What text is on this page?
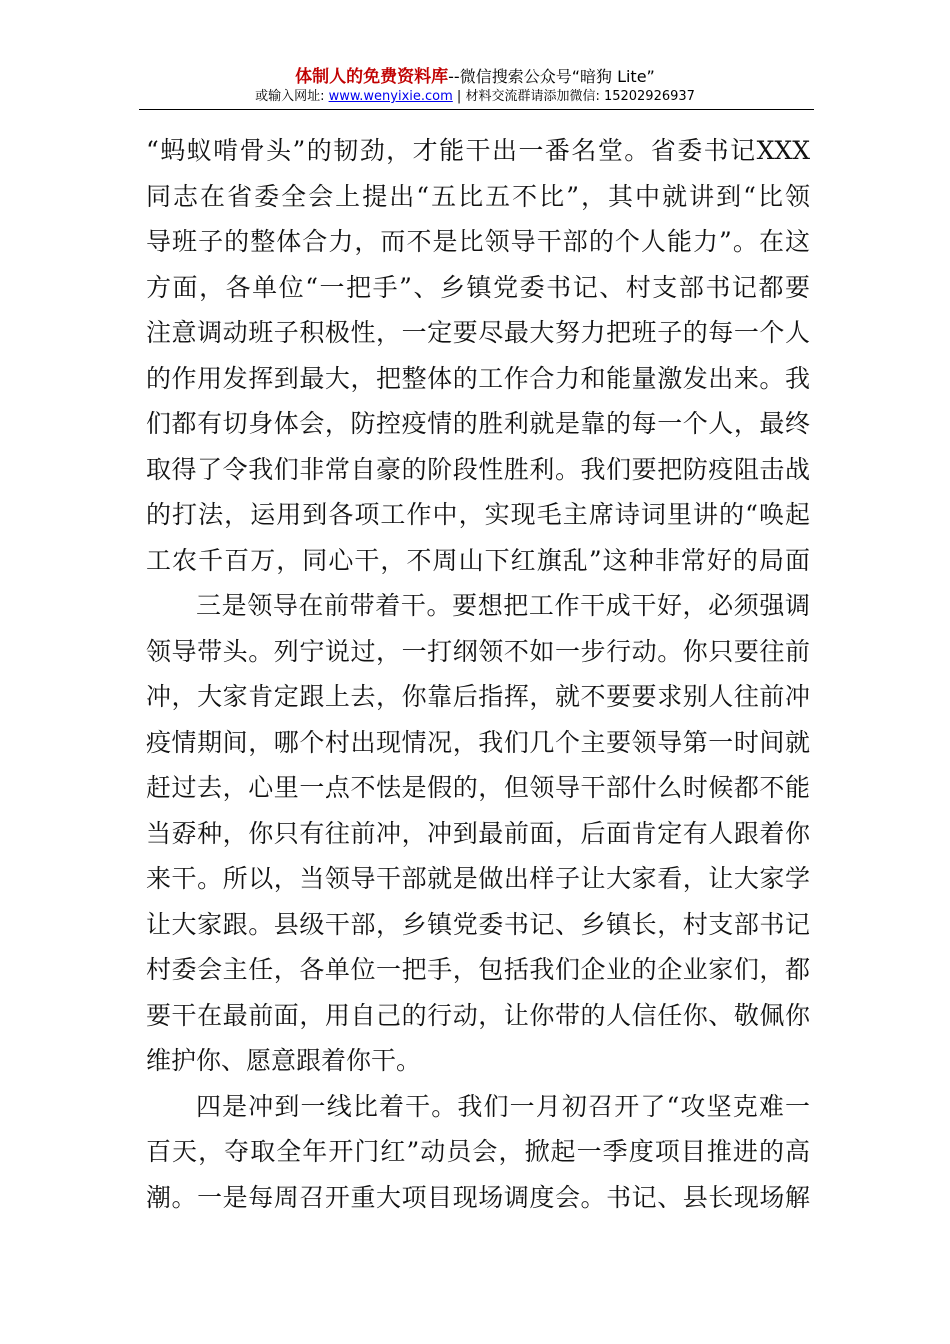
体制人的免费资料库--微信搜索公众号“暗狗 Lite”
或输入网址: www.wenyixie.com | 材料交流群请添加微信: 15202926937
“蚂蚁啃骨头”的韧劲，才能干出一番名堂。省委书记XXX
同志在省委全会上提出“五比五不比”，其中就讲到“比领
导班子的整体合力，而不是比领导干部的个人能力”。在这
方面，各单位“一把手”、乡镇党委书记、村支部书记都要
注意调动班子积极性，一定要尽最大努力把班子的每一个人
的作用发挥到最大，把整体的工作合力和能量激发出来。我
们都有切身体会，防控疫情的胜利就是靠的每一个人，最终
取得了令我们非常自豪的阶段性胜利。我们要把防疫阻击战
的打法，运用到各项工作中，实现毛主席诗词里讲的“唤起
工农千百万，同心干，不周山下红旗乱”这种非常好的局面
三是领导在前带着干。要想把工作干成干好，必须强调
领导带头。列宁说过，一打纲领不如一步行动。你只要往前
冲，大家肯定跟上去，你靠后指挥，就不要要求别人往前冲
疫情期间，哪个村出现情况，我们几个主要领导第一时间就
赶过去，心里一点不怯是假的，但领导干部什么时候都不能
当孬种，你只有往前冲，冲到最前面，后面肯定有人跟着你
来干。所以，当领导干部就是做出样子让大家看，让大家学
让大家跟。县级干部，乡镇党委书记、乡镇长，村支部书记
村委会主任，各单位一把手，包括我们企业的企业家们，都
要干在最前面，用自己的行动，让你带的人信任你、敬佩你
维护你、愿意跟着你干。
四是冲到一线比着干。我们一月初召开了“攻坚克难一
百天，夺取全年开门红”动员会，掀起一季度项目推进的高
潮。一是每周召开重大项目现场调度会。书记、县长现场解
